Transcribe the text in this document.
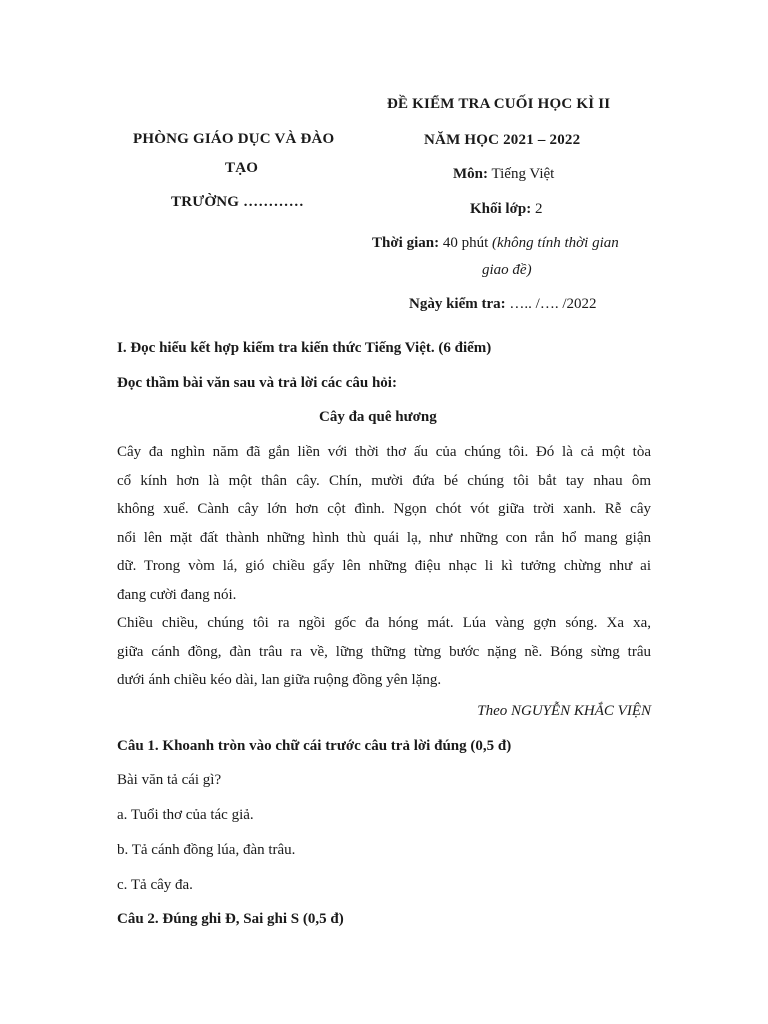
PHÒNG GIÁO DỤC VÀ ĐÀO
TẠO
TRƯỜNG …………
ĐỀ KIỂM TRA CUỐI HỌC KÌ II
NĂM HỌC 2021 – 2022
Môn: Tiếng Việt
Khối lớp: 2
Thời gian: 40 phút (không tính thời gian
giao đề)
Ngày kiểm tra: ….. /…. /2022
I. Đọc hiểu kết hợp kiểm tra kiến thức Tiếng Việt. (6 điểm)
Đọc thầm bài văn sau và trả lời các câu hỏi:
Cây đa quê hương
Cây đa nghìn năm đã gắn liền với thời thơ ấu của chúng tôi. Đó là cả một tòa
cổ kính hơn là một thân cây. Chín, mười đứa bé chúng tôi bắt tay nhau ôm
không xuể. Cành cây lớn hơn cột đình. Ngọn chót vót giữa trời xanh. Rễ cây
nổi lên mặt đất thành những hình thù quái lạ, như những con rắn hổ mang giận
dữ. Trong vòm lá, gió chiều gẩy lên những điệu nhạc li kì tưởng chừng như ai
đang cười đang nói.
Chiều chiều, chúng tôi ra ngồi gốc đa hóng mát. Lúa vàng gợn sóng. Xa xa,
giữa cánh đồng, đàn trâu ra về, lững thững từng bước nặng nề. Bóng sừng trâu
dưới ánh chiều kéo dài, lan giữa ruộng đồng yên lặng.
Theo NGUYỄN KHẮC VIỆN
Câu 1. Khoanh tròn vào chữ cái trước câu trả lời đúng (0,5 đ)
Bài văn tả cái gì?
a. Tuổi thơ của tác giả.
b. Tả cánh đồng lúa, đàn trâu.
c. Tả cây đa.
Câu 2. Đúng ghi Đ, Sai ghi S (0,5 đ)
